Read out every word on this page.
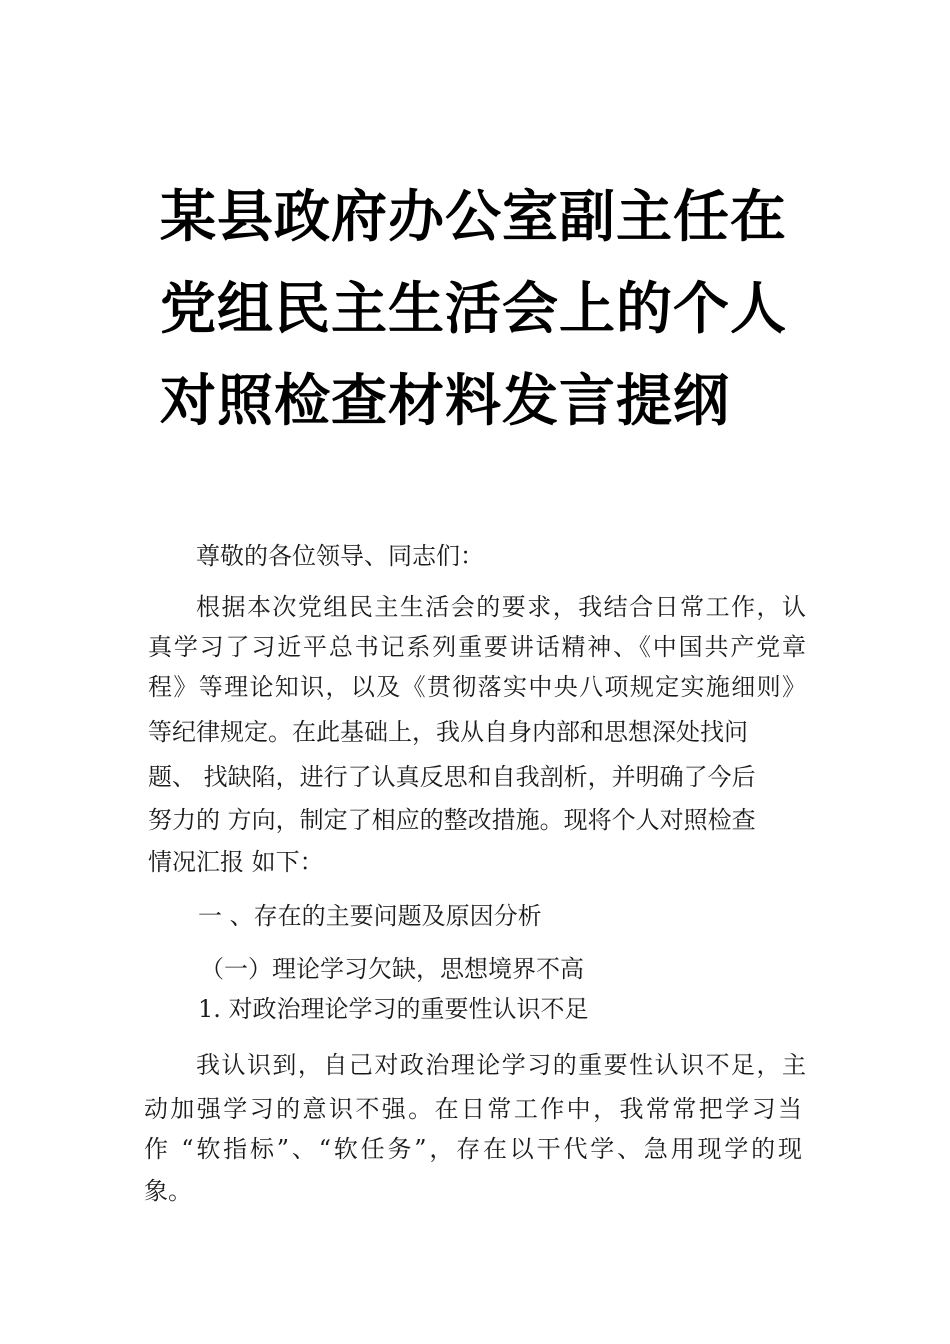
某县政府办公室副主任在
党组民主生活会上的个人
对照检查材料发言提纲
尊敬的各位领导、同志们：
根据本次党组民主生活会的要求，我结合日常工作，认
真学习了习近平总书记系列重要讲话精神、《中国共产党章
程》等理论知识，以及《贯彻落实中央八项规定实施细则》
等纪律规定。在此基础上，我从自身内部和思想深处找问
题、 找缺陷，进行了认真反思和自我剖析，并明确了今后
努力的 方向，制定了相应的整改措施。现将个人对照检查
情况汇报 如下：
一 、存在的主要问题及原因分析
（一）理论学习欠缺，思想境界不高
1. 对政治理论学习的重要性认识不足
我认识到，自己对政治理论学习的重要性认识不足，主
动加强学习的意识不强。在日常工作中，我常常把学习当
作 “软指标”、“软任务”，存在以干代学、急用现学的现
象。
